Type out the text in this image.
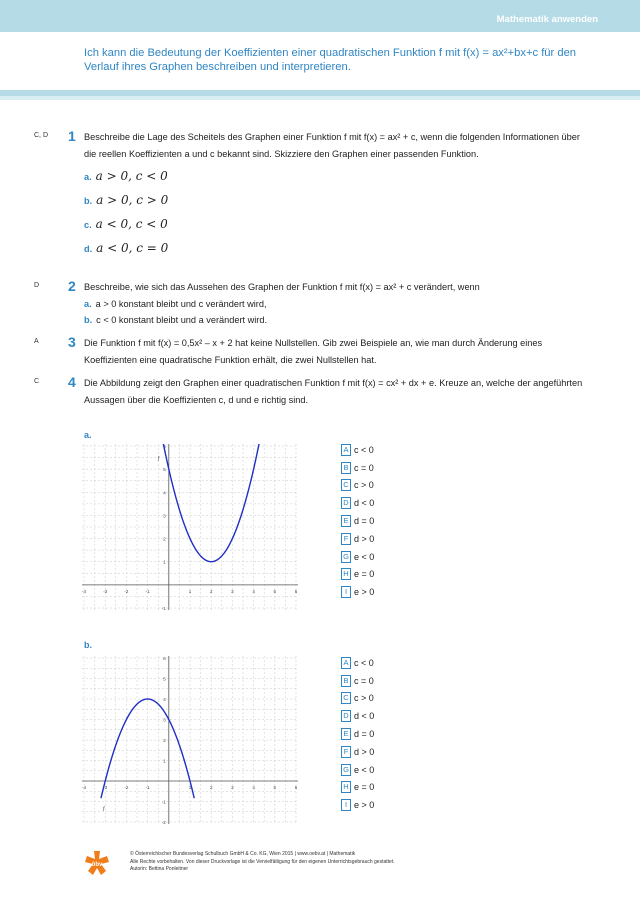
Mathematik anwenden
Ich kann die Bedeutung der Koeffizienten einer quadratischen Funktion f mit f(x) = ax²+bx+c für den Verlauf ihres Graphen beschreiben und interpretieren.
C, D 1 Beschreibe die Lage des Scheitels des Graphen einer Funktion f mit f(x) = ax² + c, wenn die folgenden Informationen über die reellen Koeffizienten a und c bekannt sind. Skizziere den Graphen einer passenden Funktion.
a. a > 0, c < 0
b. a > 0, c > 0
c. a < 0, c < 0
d. a < 0, c = 0
D 2 Beschreibe, wie sich das Aussehen des Graphen der Funktion f mit f(x) = ax² + c verändert, wenn
a. a > 0 konstant bleibt und c verändert wird,
b. c < 0 konstant bleibt und a verändert wird.
A 3 Die Funktion f mit f(x) = 0,5x² – x + 2 hat keine Nullstellen. Gib zwei Beispiele an, wie man durch Änderung eines Koeffizienten eine quadratische Funktion erhält, die zwei Nullstellen hat.
C 4 Die Abbildung zeigt den Graphen einer quadratischen Funktion f mit f(x) = cx² + dx + e. Kreuze an, welche der angeführten Aussagen über die Koeffizienten c, d und e richtig sind.
a.
-4	-3	-2	-1	1	2	3	4	5	6
-1
1
2
3
4
5
6
f
A c < 0
B c = 0
C c > 0
D d < 0
E d = 0
F d > 0
G e < 0
H e = 0
I e > 0
b.
-4	-3	-2	-1	1	2	3	4	5	6
-2
-1
1
2
3
4
5
6
f
A c < 0
B c = 0
C c > 0
D d < 0
E d = 0
F d > 0
G e < 0
H e = 0
I e > 0
öbv
© Österreichischer Bundesverlag Schulbuch GmbH & Co. KG, Wien 2015 | www.oebv.at | Mathematik
Alle Rechte vorbehalten. Von dieser Druckvorlage ist die Vervielfältigung für den eigenen Unterrichtsgebrauch gestattet.
Autorin: Bettina Ponleitner
